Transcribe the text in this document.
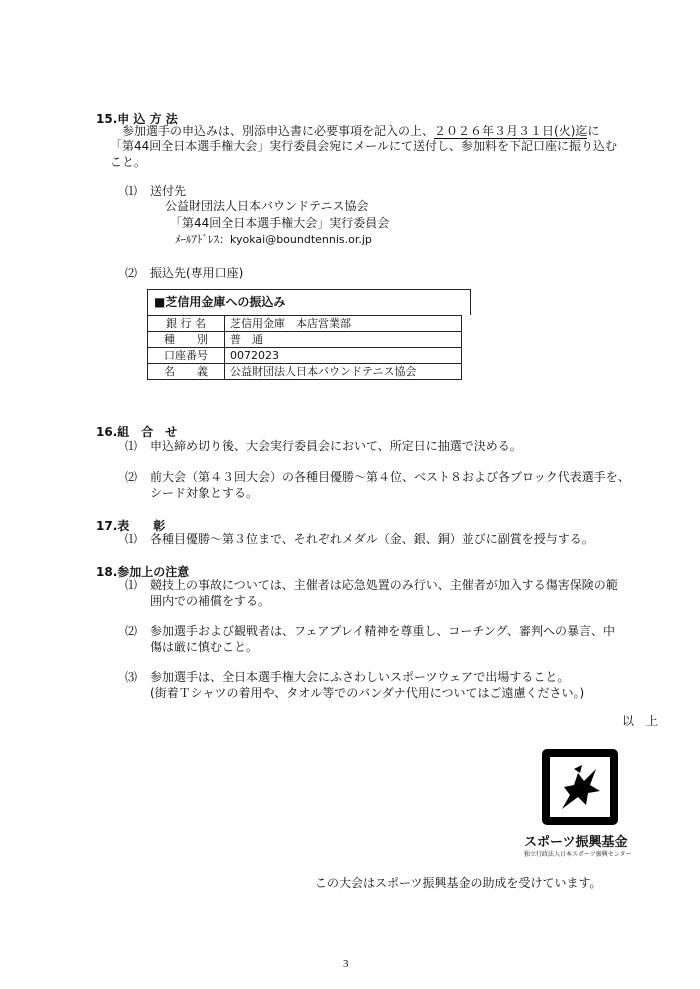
15.申 込 方 法
参加選手の申込みは、別添申込書に必要事項を記入の上、２０２６年３月３１日(火)迄に
「第44回全日本選手権大会」実行委員会宛にメールにて送付し、参加料を下記口座に振り込む
こと。
⑴ 送付先
公益財団法人日本バウンドテニス協会
「第44回全日本選手権大会」実行委員会
ﾒｰﾙｱﾄﾞﾚｽ：kyokai@boundtennis.or.jp
⑵ 振込先(専用口座)
■芝信用金庫への振込み
銀 行 名	芝信用金庫　本店営業部
種　　別	普　通
口座番号	0072023
名　　義	公益財団法人日本バウンドテニス協会
16.組　合　せ
⑴ 申込締め切り後、大会実行委員会において、所定日に抽選で決める。
⑵ 前大会（第４３回大会）の各種目優勝～第４位、ベスト８および各ブロック代表選手を、
シード対象とする。
17.表　　彰
⑴ 各種目優勝～第３位まで、それぞれメダル（金、銀、銅）並びに副賞を授与する。
18.参加上の注意
⑴ 競技上の事故については、主催者は応急処置のみ行い、主催者が加入する傷害保険の範
囲内での補償をする。
⑵ 参加選手および観戦者は、フェアプレイ精神を尊重し、コーチング、審判への暴言、中
傷は厳に慎むこと。
⑶ 参加選手は、全日本選手権大会にふさわしいスポーツウェアで出場すること。
(街着Ｔシャツの着用や、タオル等でのバンダナ代用についてはご遠慮ください。)
以　上
スポーツ振興基金
独立行政法人日本スポーツ振興センター
この大会はスポーツ振興基金の助成を受けています。
3
